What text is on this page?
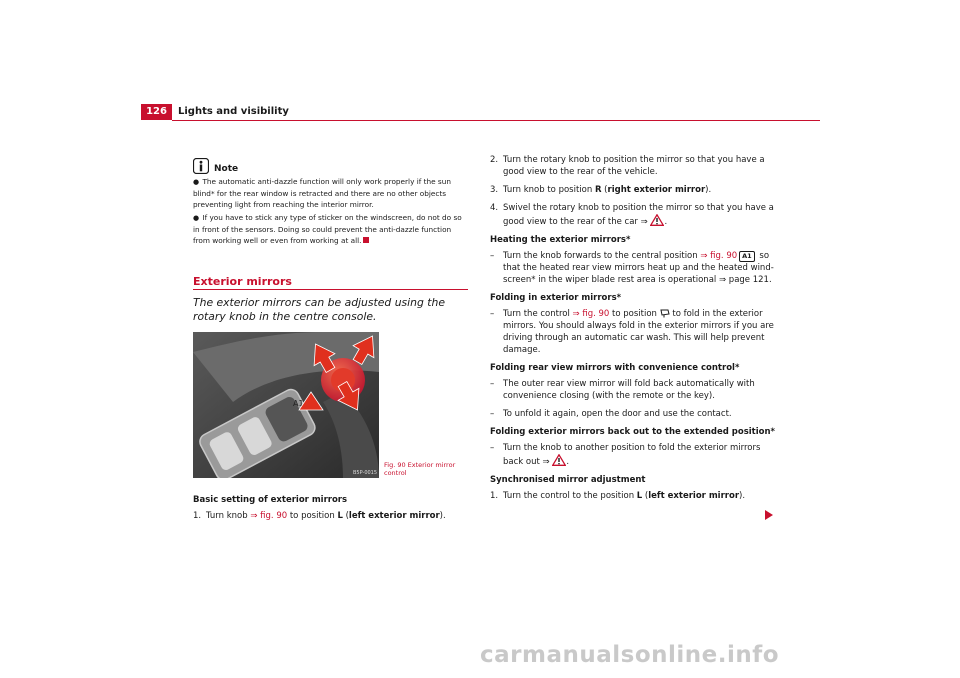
126	Lights and visibility
Note

● The automatic anti-dazzle function will only work properly if the sun blind* for the rear window is retracted and there are no other objects preventing light from reaching the interior mirror.

● If you have to stick any type of sticker on the windscreen, do not do so in front of the sensors. Doing so could prevent the anti-dazzle function from working well or even from working at all.

Exterior mirrors
The exterior mirrors can be adjusted using the rotary knob in the centre console.
A1
B5P-0015
Fig. 90 Exterior mirror control
Basic setting of exterior mirrors
1. Turn knob ⇒ fig. 90 to position L (left exterior mirror).
2. Turn the rotary knob to position the mirror so that you have a good view to the rear of the vehicle.
3. Turn knob to position R (right exterior mirror).
4. Swivel the rotary knob to position the mirror so that you have a good view to the rear of the car ⇒ .
Heating the exterior mirrors*
– Turn the knob forwards to the central position ⇒ fig. 90 A1 so that the heated rear view mirrors heat up and the heated wind-screen* in the wiper blade rest area is operational ⇒ page 121.
Folding in exterior mirrors*
– Turn the control ⇒ fig. 90 to position  to fold in the exterior mirrors. You should always fold in the exterior mirrors if you are driving through an automatic car wash. This will help prevent damage.
Folding rear view mirrors with convenience control*
– The outer rear view mirror will fold back automatically with convenience closing (with the remote or the key).
– To unfold it again, open the door and use the contact.
Folding exterior mirrors back out to the extended position*
– Turn the knob to another position to fold the exterior mirrors back out ⇒ .
Synchronised mirror adjustment
1. Turn the control to the position L (left exterior mirror).
carmanualsonline.info
